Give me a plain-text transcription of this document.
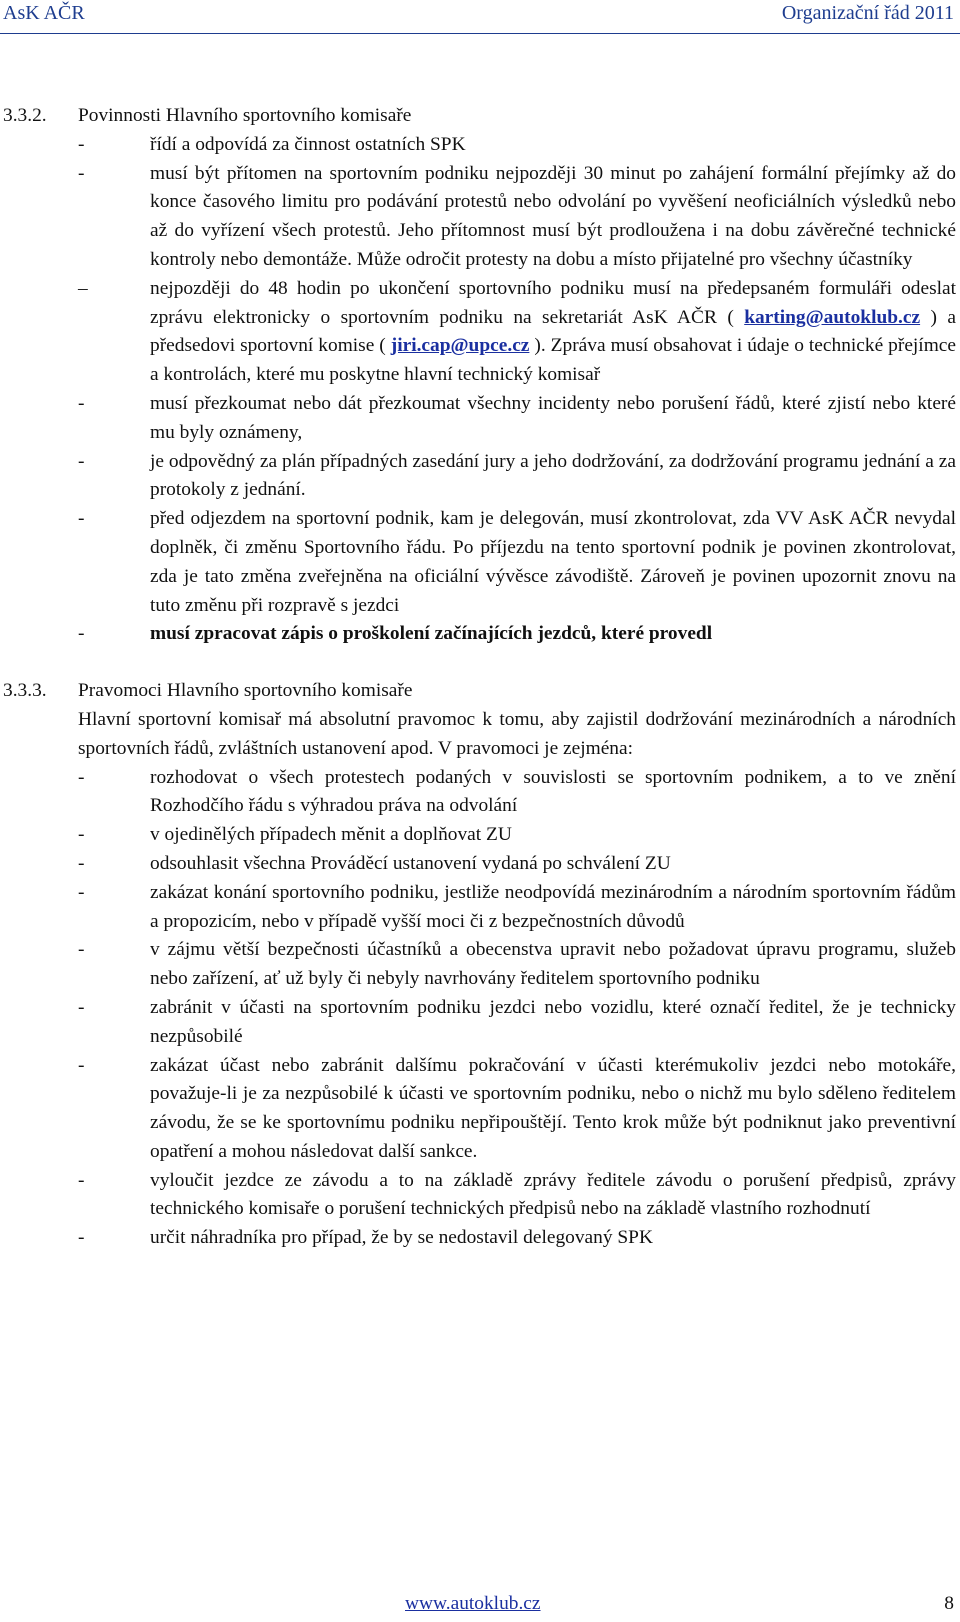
AsK AČR	Organizační řád 2011
3.3.2. Povinnosti Hlavního sportovního komisaře
-	řídí a odpovídá za činnost ostatních SPK
-	musí být přítomen na sportovním podniku nejpozději 30 minut po zahájení formální přejímky až do konce časového limitu pro podávání protestů nebo odvolání po vyvěšení neoficiálních výsledků nebo až do vyřízení všech protestů. Jeho přítomnost musí být prodloužena i na dobu závěrečné technické kontroly nebo demontáže. Může odročit protesty na dobu a místo přijatelné pro všechny účastníky
–	nejpozději do 48 hodin po ukončení sportovního podniku musí na předepsaném formuláři odeslat zprávu elektronicky o sportovním podniku na sekretariát AsK AČR ( karting@autoklub.cz ) a předsedovi sportovní komise ( jiri.cap@upce.cz ). Zpráva musí obsahovat i údaje o technické přejímce a kontrolách, které mu poskytne hlavní technický komisař
-	musí přezkoumat nebo dát přezkoumat všechny incidenty nebo porušení řádů, které zjistí nebo které mu byly oznámeny,
-	je odpovědný za plán případných zasedání jury a jeho dodržování, za dodržování programu jednání a za protokoly z jednání.
-	před odjezdem na sportovní podnik, kam je delegován, musí zkontrolovat, zda VV AsK AČR nevydal doplněk, či změnu Sportovního řádu. Po příjezdu na tento sportovní podnik je povinen zkontrolovat, zda je tato změna zveřejněna na oficiální vývěsce závodiště. Zároveň je povinen upozornit znovu na tuto změnu při rozpravě s jezdci
-	musí zpracovat zápis o proškolení začínajících jezdců, které provedl
3.3.3. Pravomoci Hlavního sportovního komisaře
Hlavní sportovní komisař má absolutní pravomoc k tomu, aby zajistil dodržování mezinárodních a národních sportovních řádů, zvláštních ustanovení apod. V pravomoci je zejména:
-	rozhodovat o všech protestech podaných v souvislosti se sportovním podnikem, a to ve znění Rozhodčího řádu s výhradou práva na odvolání
-	v ojedinělých případech měnit a doplňovat ZU
-	odsouhlasit všechna Prováděcí ustanovení vydaná po schválení ZU
-	zakázat konání sportovního podniku, jestliže neodpovídá mezinárodním a národním sportovním řádům a propozicím, nebo v případě vyšší moci či z bezpečnostních důvodů
-	v zájmu větší bezpečnosti účastníků a obecenstva upravit nebo požadovat úpravu programu, služeb nebo zařízení, ať už byly či nebyly navrhovány ředitelem sportovního podniku
-	zabránit v účasti na sportovním podniku jezdci nebo vozidlu, které označí ředitel, že je technicky nezpůsobilé
-	zakázat účast nebo zabránit dalšímu pokračování v účasti kterémukoliv jezdci nebo motokáře, považuje-li je za nezpůsobilé k účasti ve sportovním podniku, nebo o nichž mu bylo sděleno ředitelem závodu, že se ke sportovnímu podniku nepřipouštějí. Tento krok může být podniknut jako preventivní opatření a mohou následovat další sankce.
-	vyloučit jezdce ze závodu a to na základě zprávy ředitele závodu o porušení předpisů, zprávy technického komisaře o porušení technických předpisů nebo na základě vlastního rozhodnutí
-	určit náhradníka pro případ, že by se nedostavil delegovaný SPK
www.autoklub.cz	8
